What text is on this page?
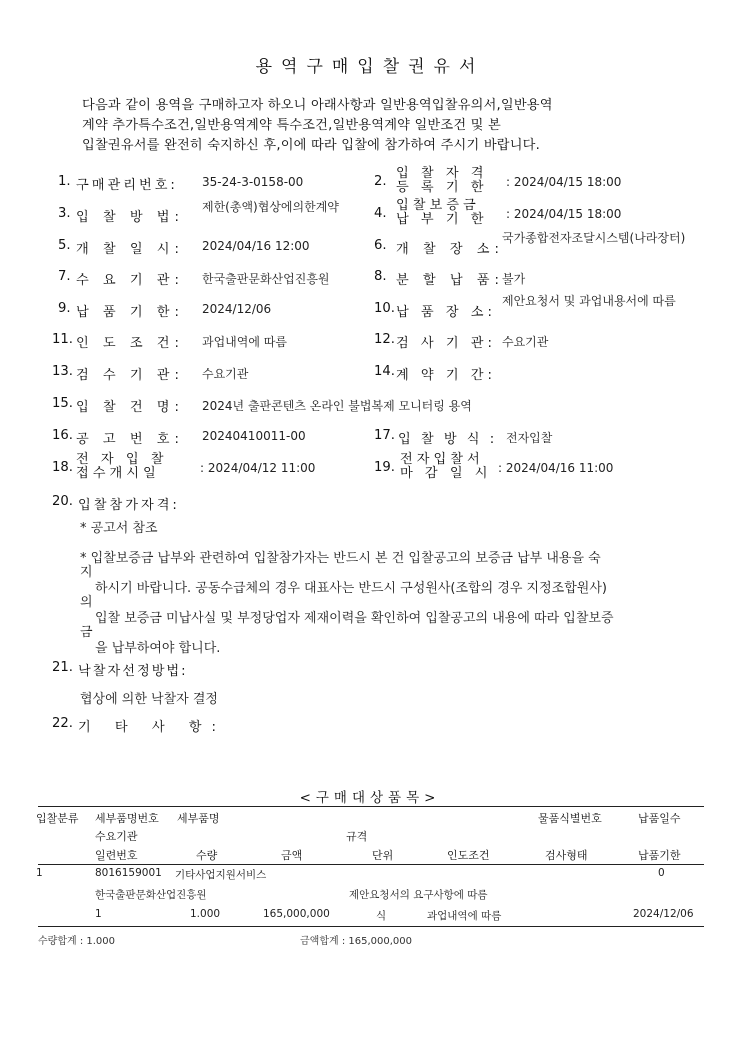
용역구매입찰권유서
다음과 같이 용역을 구매하고자 하오니 아래사항과 일반용역입찰유의서,일반용역
계약 추가특수조건,일반용역계약 특수조건,일반용역계약 일반조건 및 본
입찰권유서를 완전히 숙지하신 후,이에 따라 입찰에 참가하여 주시기 바랍니다.
1. 구매관리번호: 35-24-3-0158-00	2.
입 찰 자 격
등 록 기 한 : 2024/04/15 18:00
3. 입 찰 방 법:
제한(총액)협상에의한계약	4.
입찰보증금
납 부 기 한 : 2024/04/15 18:00
5. 개 찰 일 시: 2024/04/16 12:00	6. 개 찰 장 소:
국가종합전자조달시스템(나라장터)
7. 수 요 기 관: 한국출판문화산업진흥원	8. 분 할 납 품:
불가
9. 납 품 기 한: 2024/12/06	10. 납 품 장 소:
제안요청서 및 과업내용서에 따름
11. 인 도 조 건: 과업내역에 따름	12. 검 사 기 관: 수요기관
13. 검 수 기 관: 수요기관	14. 계 약 기 간:
15. 입 찰 건 명: 2024년 출판콘텐츠 온라인 불법복제 모니터링 용역
16. 공 고 번 호: 20240410011-00	17. 입 찰 방 식 : 전자입찰
18.
전 자 입 찰
접수개시일	: 2024/04/12 11:00	19.
전자입찰서
마 감 일 시 : 2024/04/16 11:00
20. 입찰참가자격:
* 공고서 참조
* 입찰보증금 납부와 관련하여 입찰참가자는 반드시 본 건 입찰공고의 보증금 납부 내용을 숙
지
하시기 바랍니다. 공동수급체의 경우 대표사는 반드시 구성원사(조합의 경우 지정조합원사)
의
입찰 보증금 미납사실 및 부정당업자 제재이력을 확인하여 입찰공고의 내용에 따라 입찰보증
금
을 납부하여야 합니다.
21. 낙찰자선정방법:
협상에 의한 낙찰자 결정
22. 기 타 사 항:
<구매대상품목>
입찰분류 세부품명번호 세부품명	물품식별번호	납품일수
수요기관	규격
일련번호	수량	금액	단위	인도조건	검사형태	납품기한
1	8016159001 기타사업지원서비스	0
한국출판문화산업진흥원	제안요청서의 요구사항에 따름
1	1.000	165,000,000	식	과업내역에 따름	2024/12/06
수량합계 : 1.000	금액합계 : 165,000,000
